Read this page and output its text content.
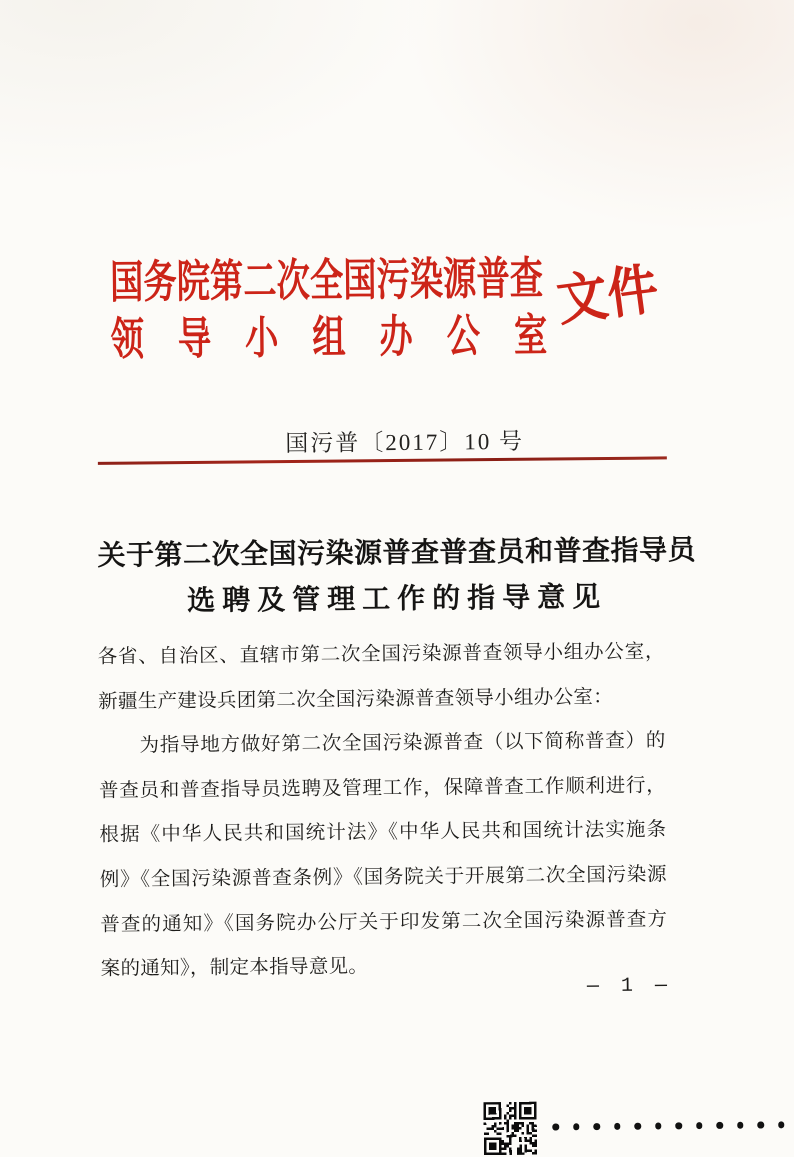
国务院第二次全国污染源普查
领导小组办公室
文件
国污普〔2017〕10 号
关于第二次全国污染源普查普查员和普查指导员
选聘及管理工作的指导意见
各省、自治区、直辖市第二次全国污染源普查领导小组办公室，
新疆生产建设兵团第二次全国污染源普查领导小组办公室：
为指导地方做好第二次全国污染源普查（以下简称普查）的
普查员和普查指导员选聘及管理工作，保障普查工作顺利进行，
根据《中华人民共和国统计法》《中华人民共和国统计法实施条
例》《全国污染源普查条例》《国务院关于开展第二次全国污染源
普查的通知》《国务院办公厅关于印发第二次全国污染源普查方
案的通知》，制定本指导意见。
— 1 —
